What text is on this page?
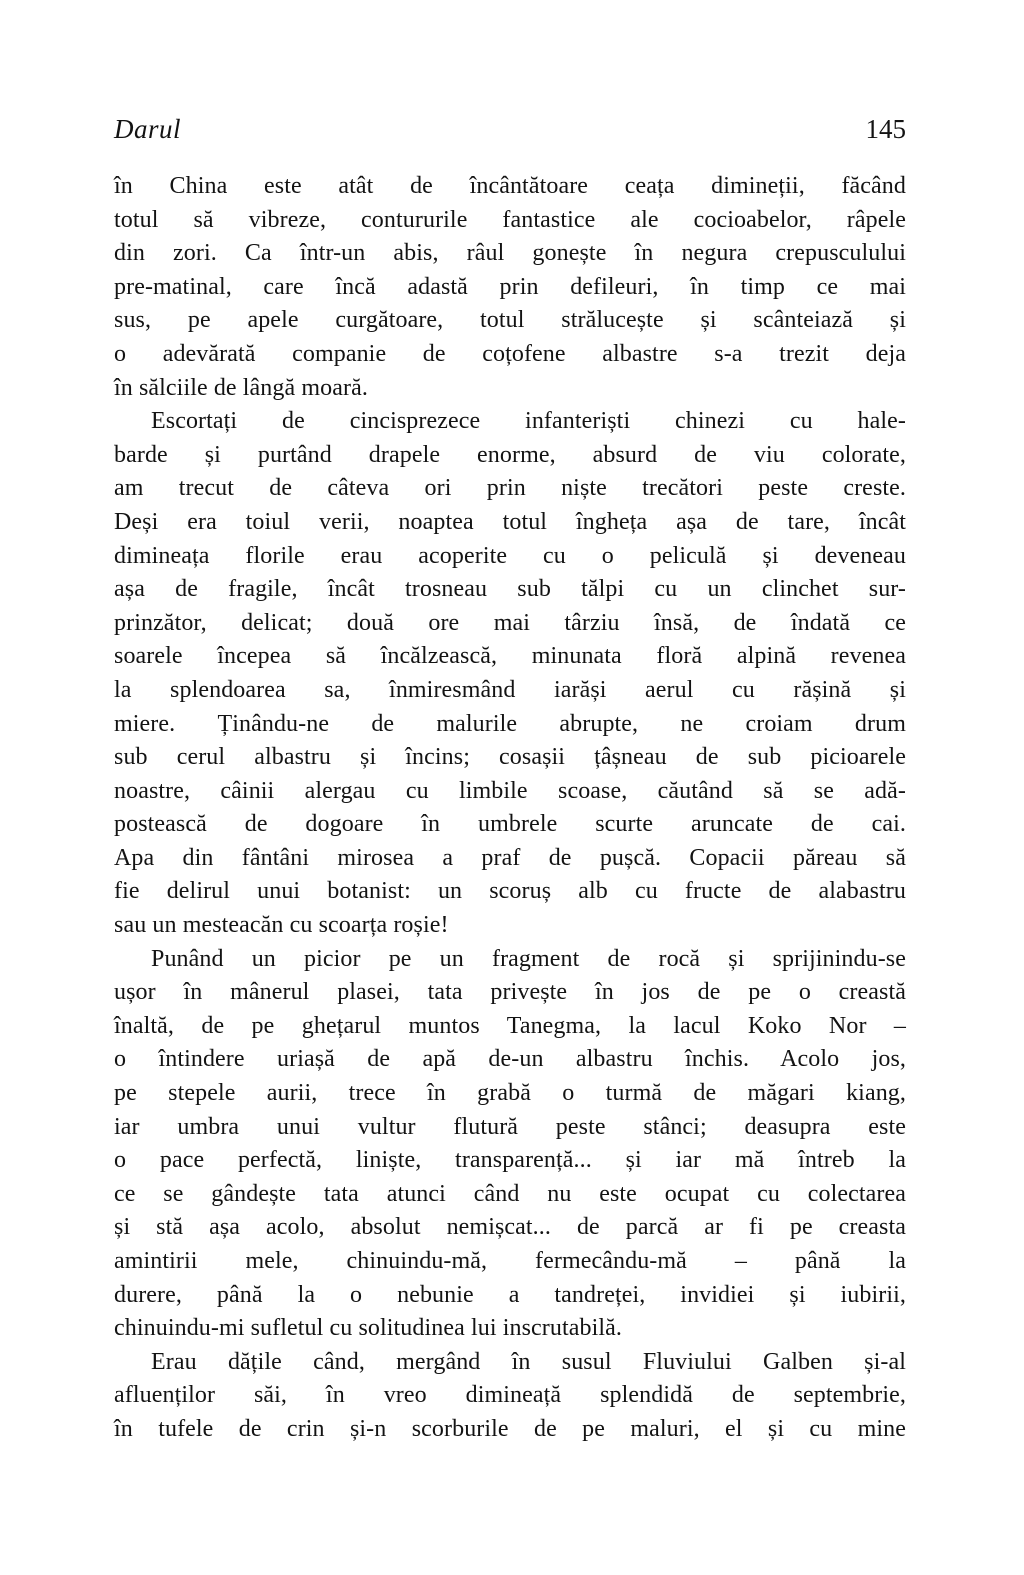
Darul	145
în China este atât de încântătoare ceața dimineții, făcând
totul să vibreze, contururile fantastice ale cocioabelor, râpele
din zori. Ca într-un abis, râul gonește în negura crepusculului
pre-matinal, care încă adastă prin defileuri, în timp ce mai
sus, pe apele curgătoare, totul strălucește și scânteiază și
o adevărată companie de coțofene albastre s-a trezit deja
în sălciile de lângă moară.
Escortați de cincisprezece infanteriști chinezi cu hale-
barde și purtând drapele enorme, absurd de viu colorate,
am trecut de câteva ori prin niște trecători peste creste.
Deși era toiul verii, noaptea totul îngheța așa de tare, încât
dimineața florile erau acoperite cu o peliculă și deveneau
așa de fragile, încât trosneau sub tălpi cu un clinchet sur-
prinzător, delicat; două ore mai târziu însă, de îndată ce
soarele începea să încălzească, minunata floră alpină revenea
la splendoarea sa, înmiresmând iarăși aerul cu rășină și
miere. Ținându-ne de malurile abrupte, ne croiam drum
sub cerul albastru și încins; cosașii țâșneau de sub picioarele
noastre, câinii alergau cu limbile scoase, căutând să se adă-
postească de dogoare în umbrele scurte aruncate de cai.
Apa din fântâni mirosea a praf de pușcă. Copacii păreau să
fie delirul unui botanist: un scoruș alb cu fructe de alabastru
sau un mesteacăn cu scoarța roșie!
Punând un picior pe un fragment de rocă și sprijinindu-se
ușor în mânerul plasei, tata privește în jos de pe o creastă
înaltă, de pe ghețarul muntos Tanegma, la lacul Koko Nor –
o întindere uriașă de apă de-un albastru închis. Acolo jos,
pe stepele aurii, trece în grabă o turmă de măgari kiang,
iar umbra unui vultur flutură peste stânci; deasupra este
o pace perfectă, liniște, transparență... și iar mă întreb la
ce se gândește tata atunci când nu este ocupat cu colectarea
și stă așa acolo, absolut nemișcat... de parcă ar fi pe creasta
amintirii mele, chinuindu-mă, fermecându-mă – până la
durere, până la o nebunie a tandreței, invidiei și iubirii,
chinuindu-mi sufletul cu solitudinea lui inscrutabilă.
Erau dățile când, mergând în susul Fluviului Galben și-al
afluenților săi, în vreo dimineață splendidă de septembrie,
în tufele de crin și-n scorburile de pe maluri, el și cu mine
